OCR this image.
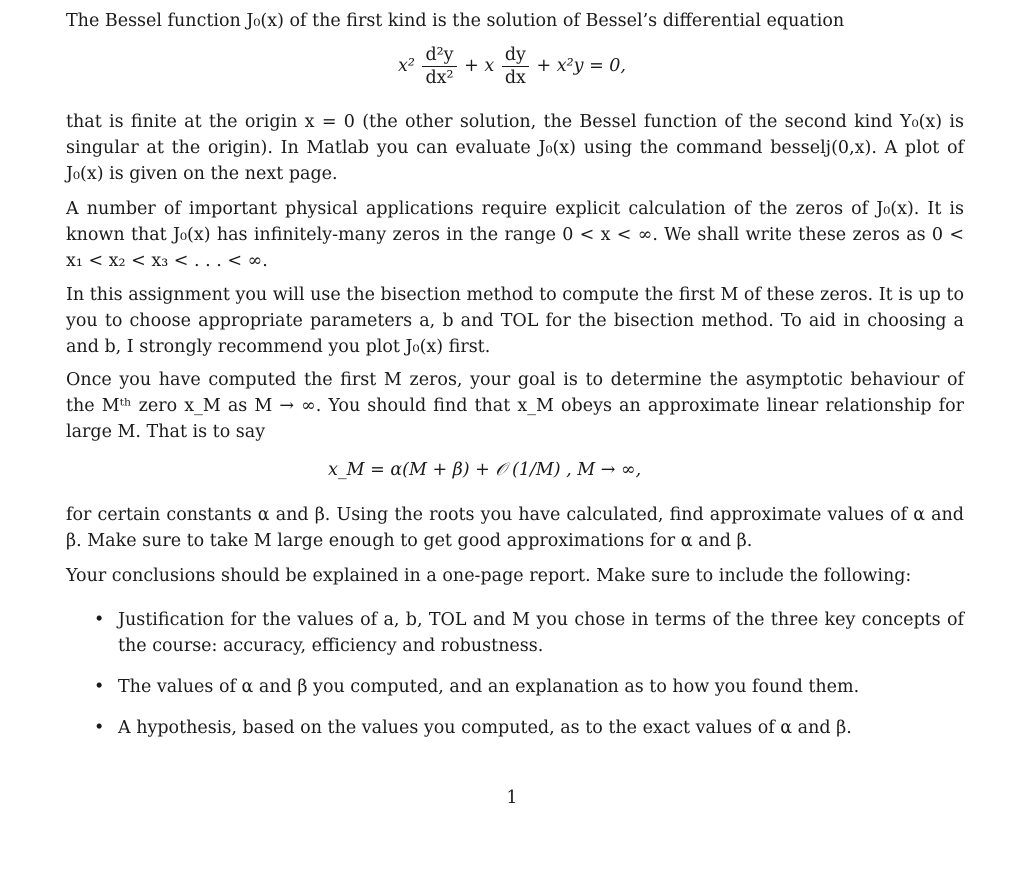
The Bessel function J₀(x) of the first kind is the solution of Bessel’s differential equation

$x^2 \frac{\text{d²y}}{\text{dx²}} + x \frac{dy}{dx} + x^2y = 0$,

that is finite at the origin x = 0 (the other solution, the Bessel function of the second kind Y₀(x) is singular at the origin). In Matlab you can evaluate J₀(x) using the command besselj(0,x). A plot of J₀(x) is given on the next page.

A number of important physical applications require explicit calculation of the zeros of J₀(x). It is known that J₀(x) has infinitely-many zeros in the range 0 < x < ∞. We shall write these zeros as 0 < x₁ < x₂ < x₃ < . . . < ∞.

In this assignment you will use the bisection method to compute the first M of these zeros. It is up to you to choose appropriate parameters a, b and TOL for the bisection method. To aid in choosing a and b, I strongly recommend you plot J₀(x) first.

Once you have computed the first M zeros, your goal is to determine the asymptotic behaviour of the Mᵗʰ zero x_M as M → ∞. You should find that x_M obeys an approximate linear relationship for large M. That is to say

x_M = α(M + β) + 𝒪 (1/M) , M → ∞,

for certain constants α and β. Using the roots you have calculated, find approximate values of α and β. Make sure to take M large enough to get good approximations for α and β.

Your conclusions should be explained in a one-page report. Make sure to include the following:

• Justification for the values of a, b, TOL and M you chose in terms of the three key concepts of the course: accuracy, efficiency and robustness.
• The values of α and β you computed, and an explanation as to how you found them.
• A hypothesis, based on the values you computed, as to the exact values of α and β.
1
